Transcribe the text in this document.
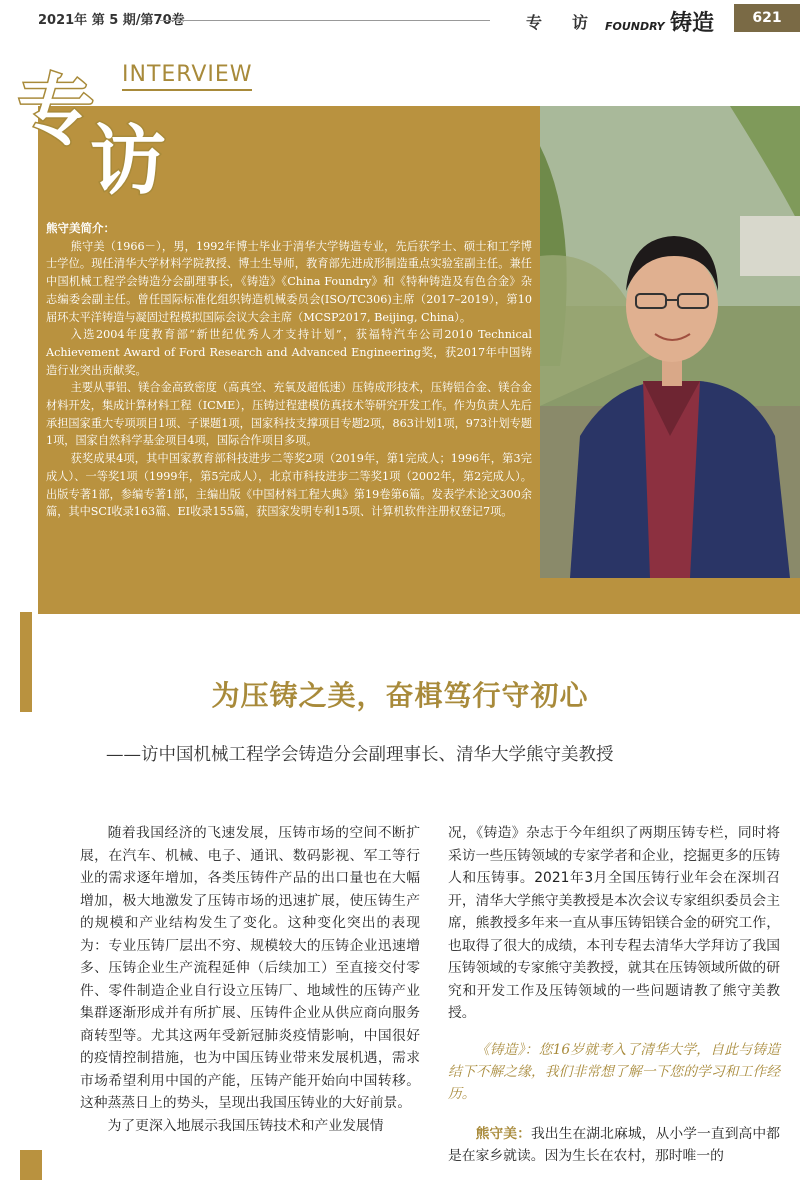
2021年 第 5 期/第70卷	专访
FOUNDRY 铸造	621
熊守美简介：

熊守美（1966－），男，1992年博士毕业于清华大学铸造专业，先后获学士、硕士和工学博士学位。现任清华大学材料学院教授、博士生导师，教育部先进成形制造重点实验室副主任。兼任中国机械工程学会铸造分会副理事长，《铸造》《China Foundry》和《特种铸造及有色合金》杂志编委会副主任。曾任国际标准化组织铸造机械委员会(ISO/TC306)主席（2017–2019），第10届环太平洋铸造与凝固过程模拟国际会议大会主席（MCSP2017, Beijing, China）。

入选2004年度教育部“新世纪优秀人才支持计划”，获福特汽车公司2010 Technical Achievement Award of Ford Research and Advanced Engineering奖，获2017年中国铸造行业突出贡献奖。

主要从事铝、镁合金高致密度（高真空、充氧及超低速）压铸成形技术，压铸铝合金、镁合金材料开发，集成计算材料工程（ICME），压铸过程建模仿真技术等研究开发工作。作为负责人先后承担国家重大专项项目1项、子课题1项，国家科技支撑项目专题2项，863计划1项，973计划专题1项，国家自然科学基金项目4项，国际合作项目多项。

获奖成果4项，其中国家教育部科技进步二等奖2项（2019年，第1完成人；1996年，第3完成人）、一等奖1项（1999年，第5完成人），北京市科技进步二等奖1项（2002年，第2完成人）。出版专著1部，参编专著1部，主编出版《中国材料工程大典》第19卷第6篇。发表学术论文300余篇，其中SCI收录163篇、EI收录155篇，获国家发明专利15项、计算机软件注册权登记7项。

专
访
INTERVIEW
为压铸之美，奋楫笃行守初心
——访中国机械工程学会铸造分会副理事长、清华大学熊守美教授

随着我国经济的飞速发展，压铸市场的空间不断扩展，在汽车、机械、电子、通讯、数码影视、军工等行业的需求逐年增加，各类压铸件产品的出口量也在大幅增加，极大地激发了压铸市场的迅速扩展，使压铸生产的规模和产业结构发生了变化。这种变化突出的表现为：专业压铸厂层出不穷、规模较大的压铸企业迅速增多、压铸企业生产流程延伸（后续加工）至直接交付零件、零件制造企业自行设立压铸厂、地域性的压铸产业集群逐渐形成并有所扩展、压铸件企业从供应商向服务商转型等。尤其这两年受新冠肺炎疫情影响，中国很好的疫情控制措施，也为中国压铸业带来发展机遇，需求市场希望利用中国的产能，压铸产能开始向中国转移。这种蒸蒸日上的势头，呈现出我国压铸业的大好前景。

为了更深入地展示我国压铸技术和产业发展情

况，《铸造》杂志于今年组织了两期压铸专栏，同时将采访一些压铸领域的专家学者和企业，挖掘更多的压铸人和压铸事。2021年3月全国压铸行业年会在深圳召开，清华大学熊守美教授是本次会议专家组织委员会主席，熊教授多年来一直从事压铸铝镁合金的研究工作，也取得了很大的成绩，本刊专程去清华大学拜访了我国压铸领域的专家熊守美教授，就其在压铸领域所做的研究和开发工作及压铸领域的一些问题请教了熊守美教授。

《铸造》：您16岁就考入了清华大学，自此与铸造结下不解之缘，我们非常想了解一下您的学习和工作经历。

熊守美：我出生在湖北麻城，从小学一直到高中都是在家乡就读。因为生长在农村，那时唯一的
